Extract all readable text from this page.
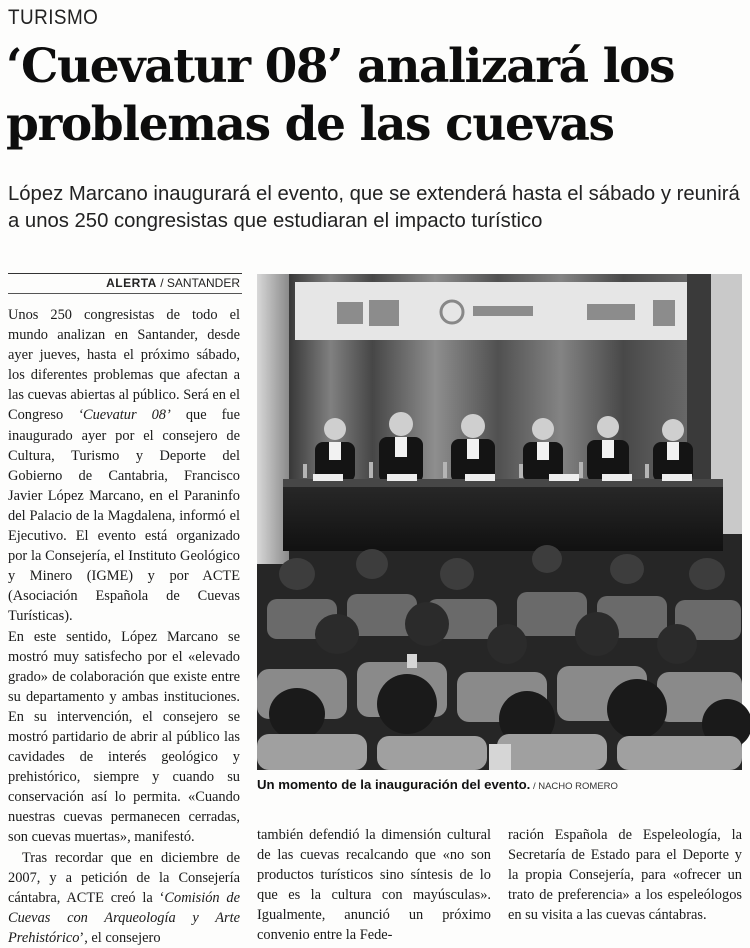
TURISMO
‘Cuevatur 08’ analizará los problemas de las cuevas
López Marcano inaugurará el evento, que se extenderá hasta el sábado y reunirá a unos 250 congresistas que estudiaran el impacto turístico
ALERTA / SANTANDER

Unos 250 congresistas de todo el mundo analizan en Santander, desde ayer jueves, hasta el próximo sábado, los diferentes problemas que afectan a las cuevas abiertas al público. Será en el Congreso ‘Cuevatur 08’ que fue inaugurado ayer por el consejero de Cultura, Turismo y Deporte del Gobierno de Cantabria, Francisco Javier López Marcano, en el Paraninfo del Palacio de la Magdalena, informó el Ejecutivo. El evento está organizado por la Consejería, el Instituto Geológico y Minero (IGME) y por ACTE (Asociación Española de Cuevas Turísticas).

En este sentido, López Marcano se mostró muy satisfecho por el «elevado grado» de colaboración que existe entre su departamento y ambas instituciones. En su intervención, el consejero se mostró partidario de abrir al público las cavidades de interés geológico y prehistórico, siempre y cuando su conservación así lo permita. «Cuando nuestras cuevas permanecen cerradas, son cuevas muertas», manifestó.

Tras recordar que en diciembre de 2007, y a petición de la Consejería cántabra, ACTE creó la ‘Comisión de Cuevas con Arqueología y Arte Prehistórico’, el consejero

Un momento de la inauguración del evento. / NACHO ROMERO

también defendió la dimensión cultural de las cuevas recalcando que «no son productos turísticos sino síntesis de lo que es la cultura con mayúsculas». Igualmente, anunció un próximo convenio entre la Fede-

ración Española de Espeleología, la Secretaría de Estado para el Deporte y la propia Consejería, para «ofrecer un trato de preferencia» a los espeleólogos en su visita a las cuevas cántabras.
